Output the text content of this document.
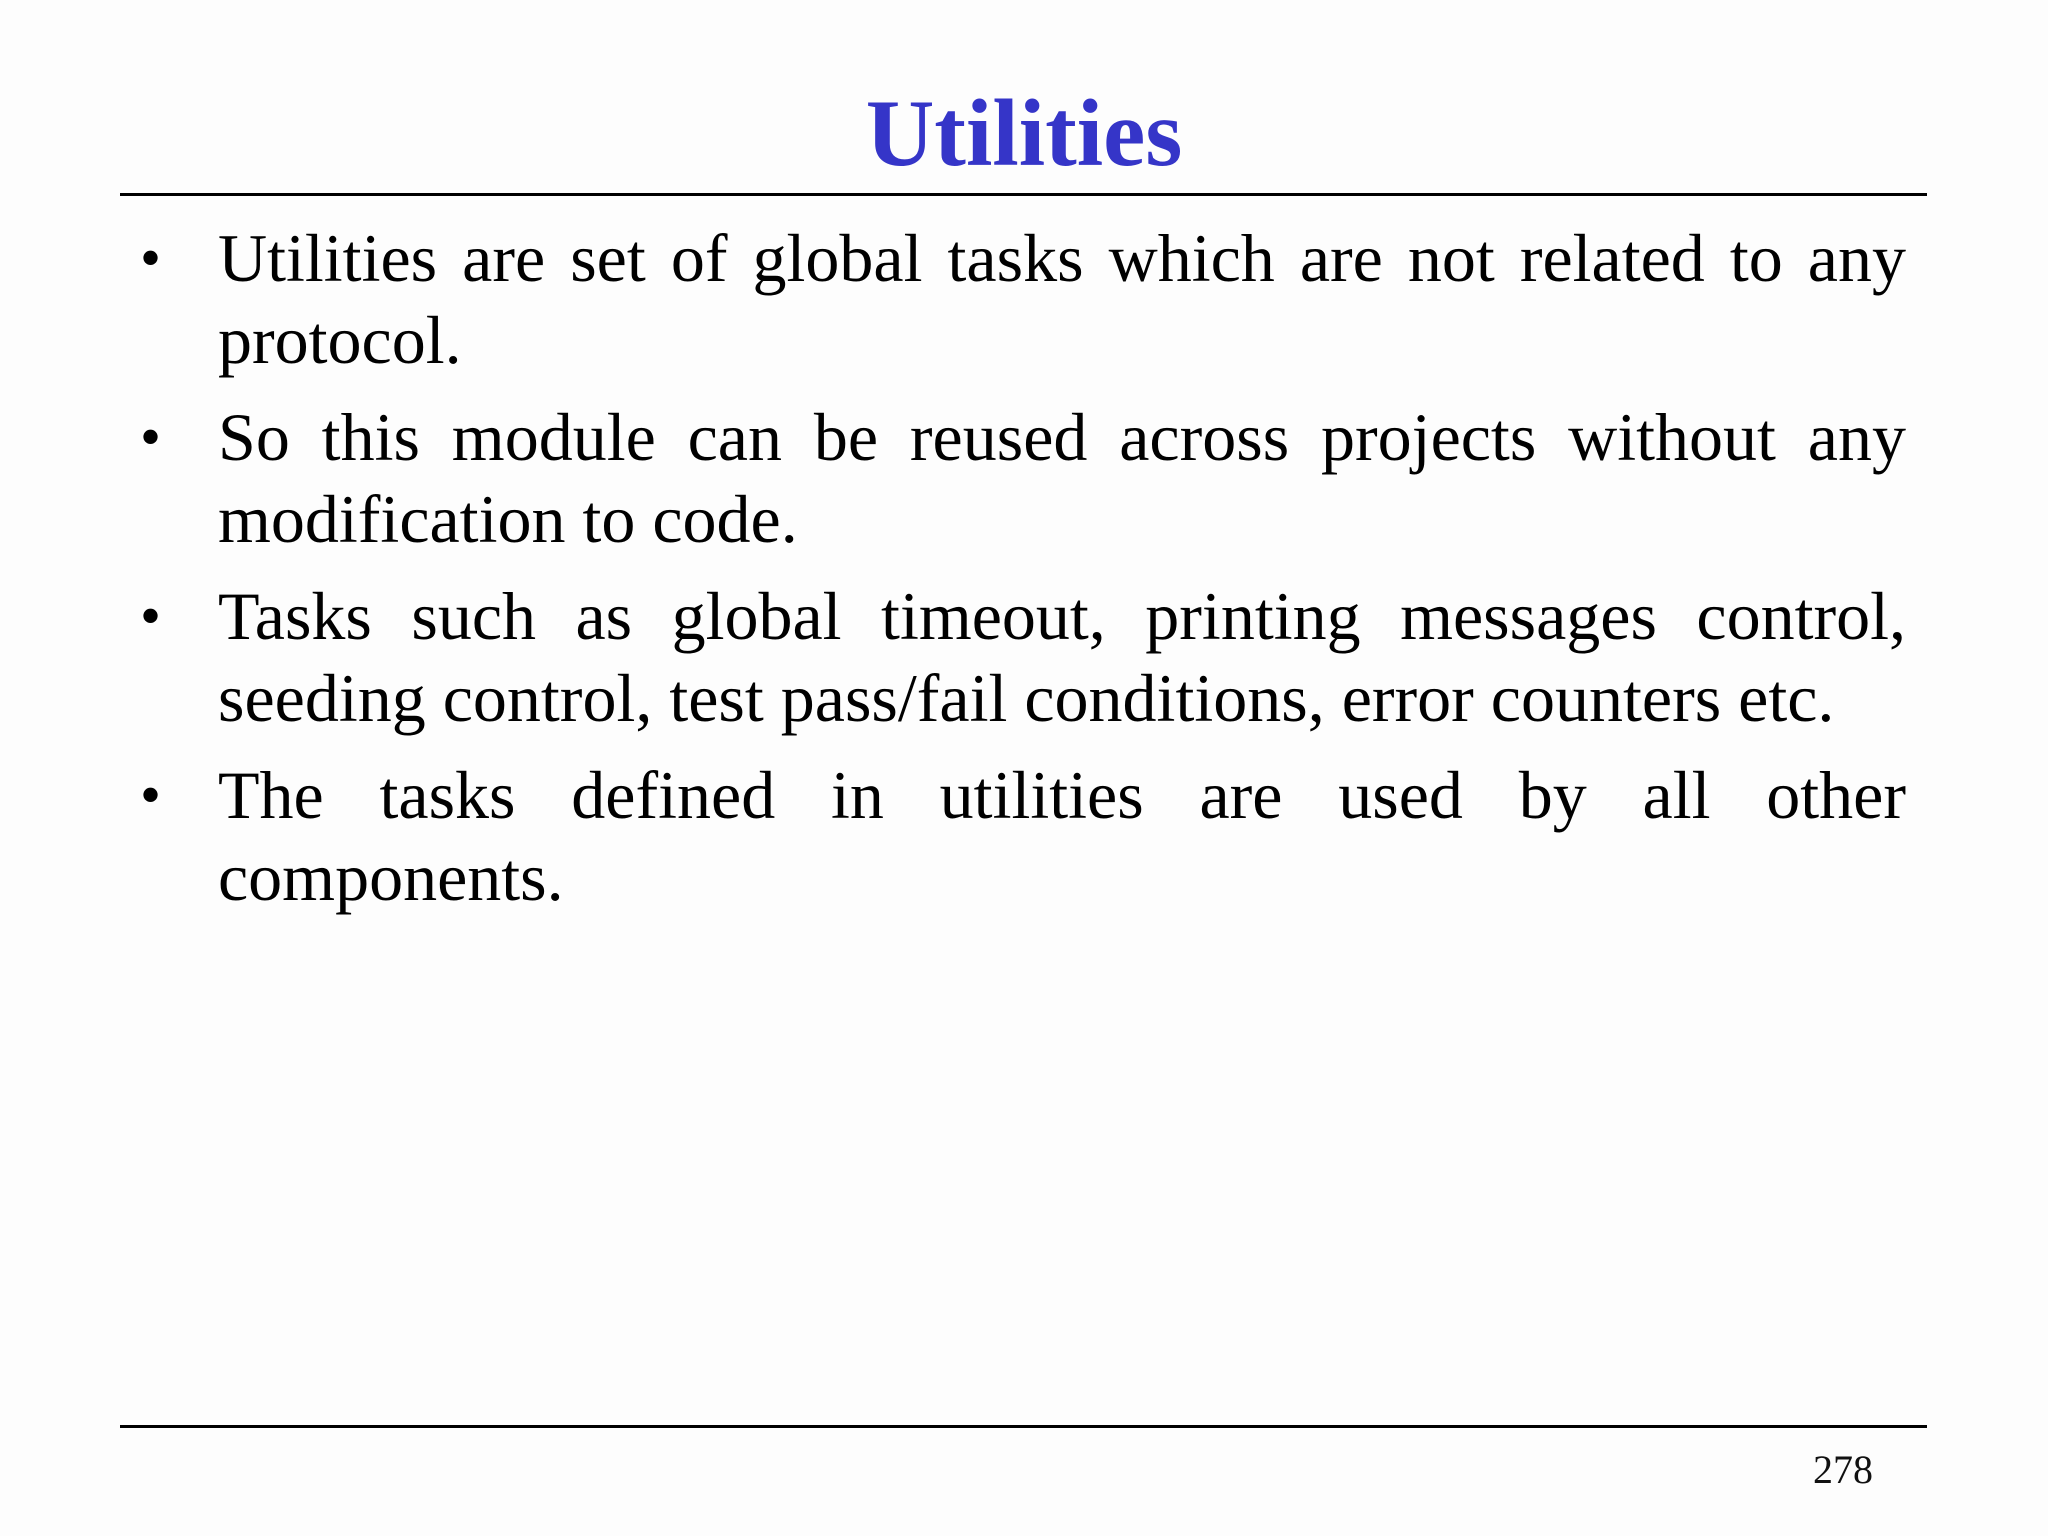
Utilities
• Utilities are set of global tasks which are not related to any protocol.
• So this module can be reused across projects without any modification to code.
• Tasks such as global timeout, printing messages control, seeding control, test pass/fail conditions, error counters etc.
• The tasks defined in utilities are used by all other components.
278
